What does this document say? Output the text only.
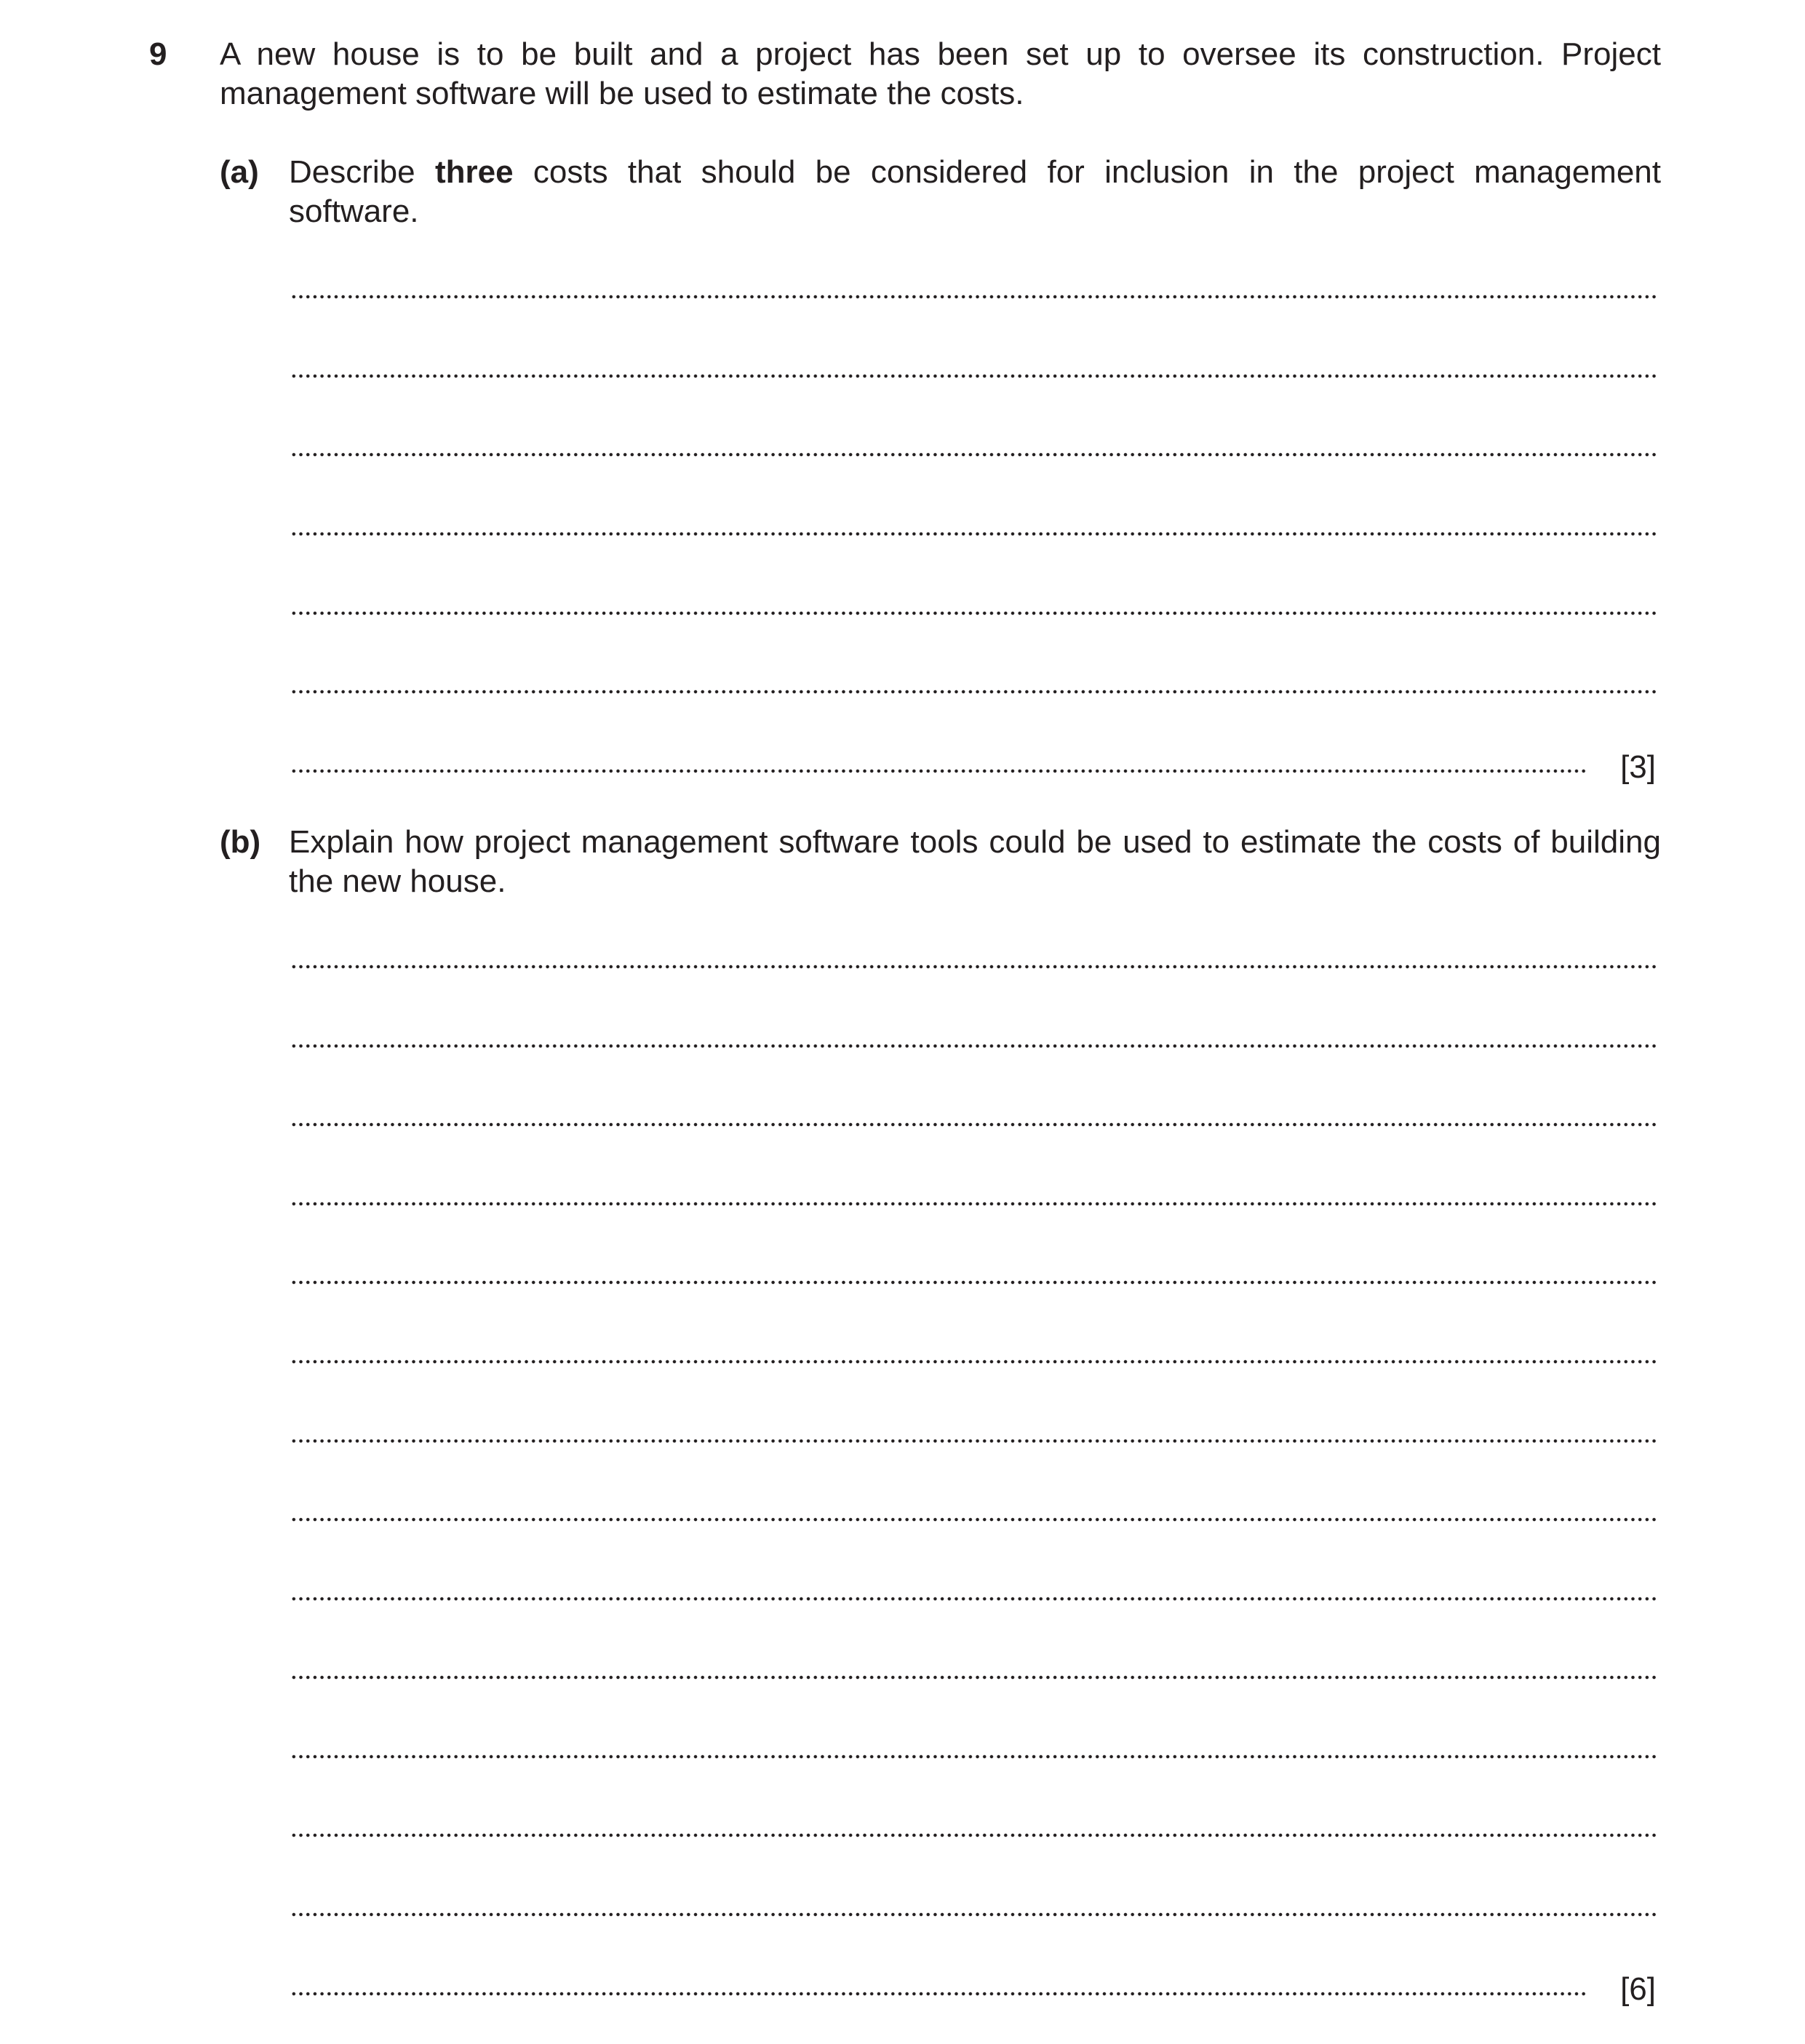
9 A new house is to be built and a project has been set up to oversee its construction. Project management software will be used to estimate the costs.
(a) Describe three costs that should be considered for inclusion in the project management software.
[3]
(b) Explain how project management software tools could be used to estimate the costs of building the new house.
[6]
